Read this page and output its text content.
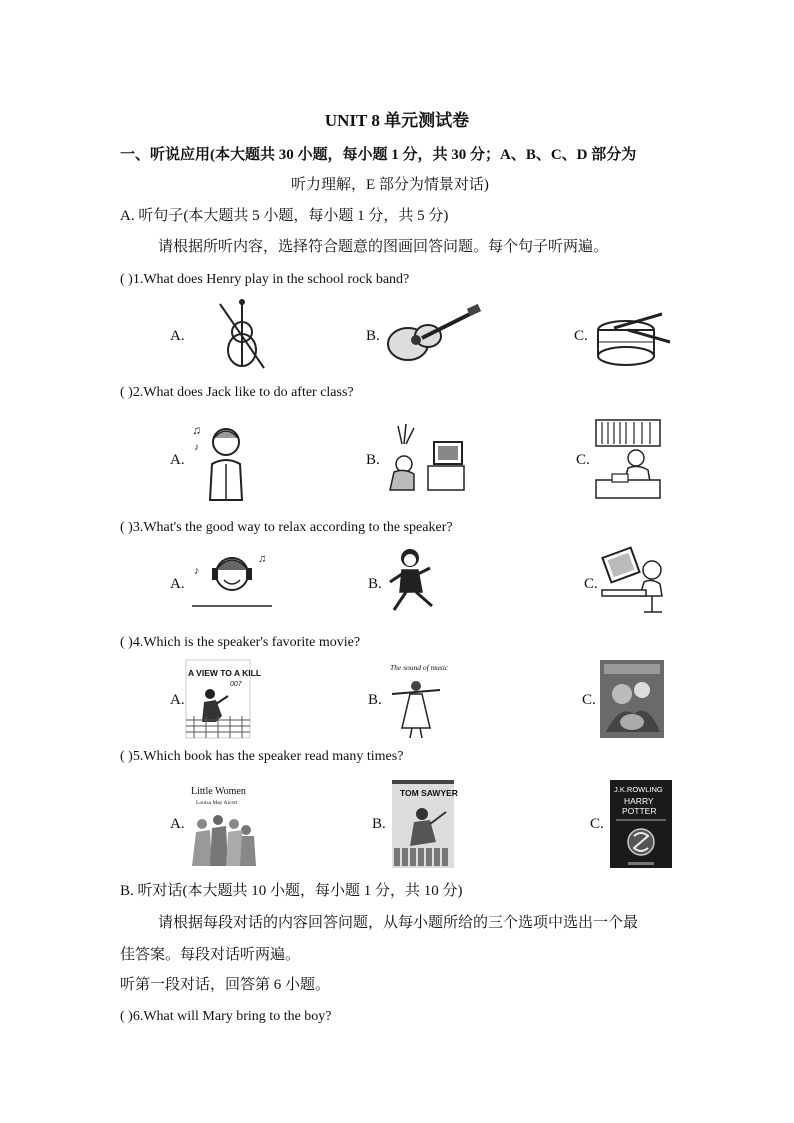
UNIT 8 单元测试卷
一、听说应用(本大题共 30 小题，每小题 1 分，共 30 分；A、B、C、D 部分为
听力理解，E 部分为情景对话)
A. 听句子(本大题共 5 小题，每小题 1 分，共 5 分)
请根据所听内容，选择符合题意的图画回答问题。每个句子听两遍。
( )1.What does Henry play in the school rock band?
A.	B.	C.
( )2.What does Jack like to do after class?
A.
♫
♪
B.	C.
( )3.What's the good way to relax according to the speaker?
A.
♪
♫
B.	C.
( )4.Which is the speaker's favorite movie?
A.
A VIEW TO A KILL
007
B.
The sound of music
C.
( )5.Which book has the speaker read many times?
A.
Little Women
Louisa May Alcott
B.
TOM SAWYER
C.
J.K.ROWLING
HARRY
POTTER
B. 听对话(本大题共 10 小题，每小题 1 分，共 10 分)
请根据每段对话的内容回答问题，从每小题所给的三个选项中选出一个最
佳答案。每段对话听两遍。
听第一段对话，回答第 6 小题。
( )6.What will Mary bring to the boy?
